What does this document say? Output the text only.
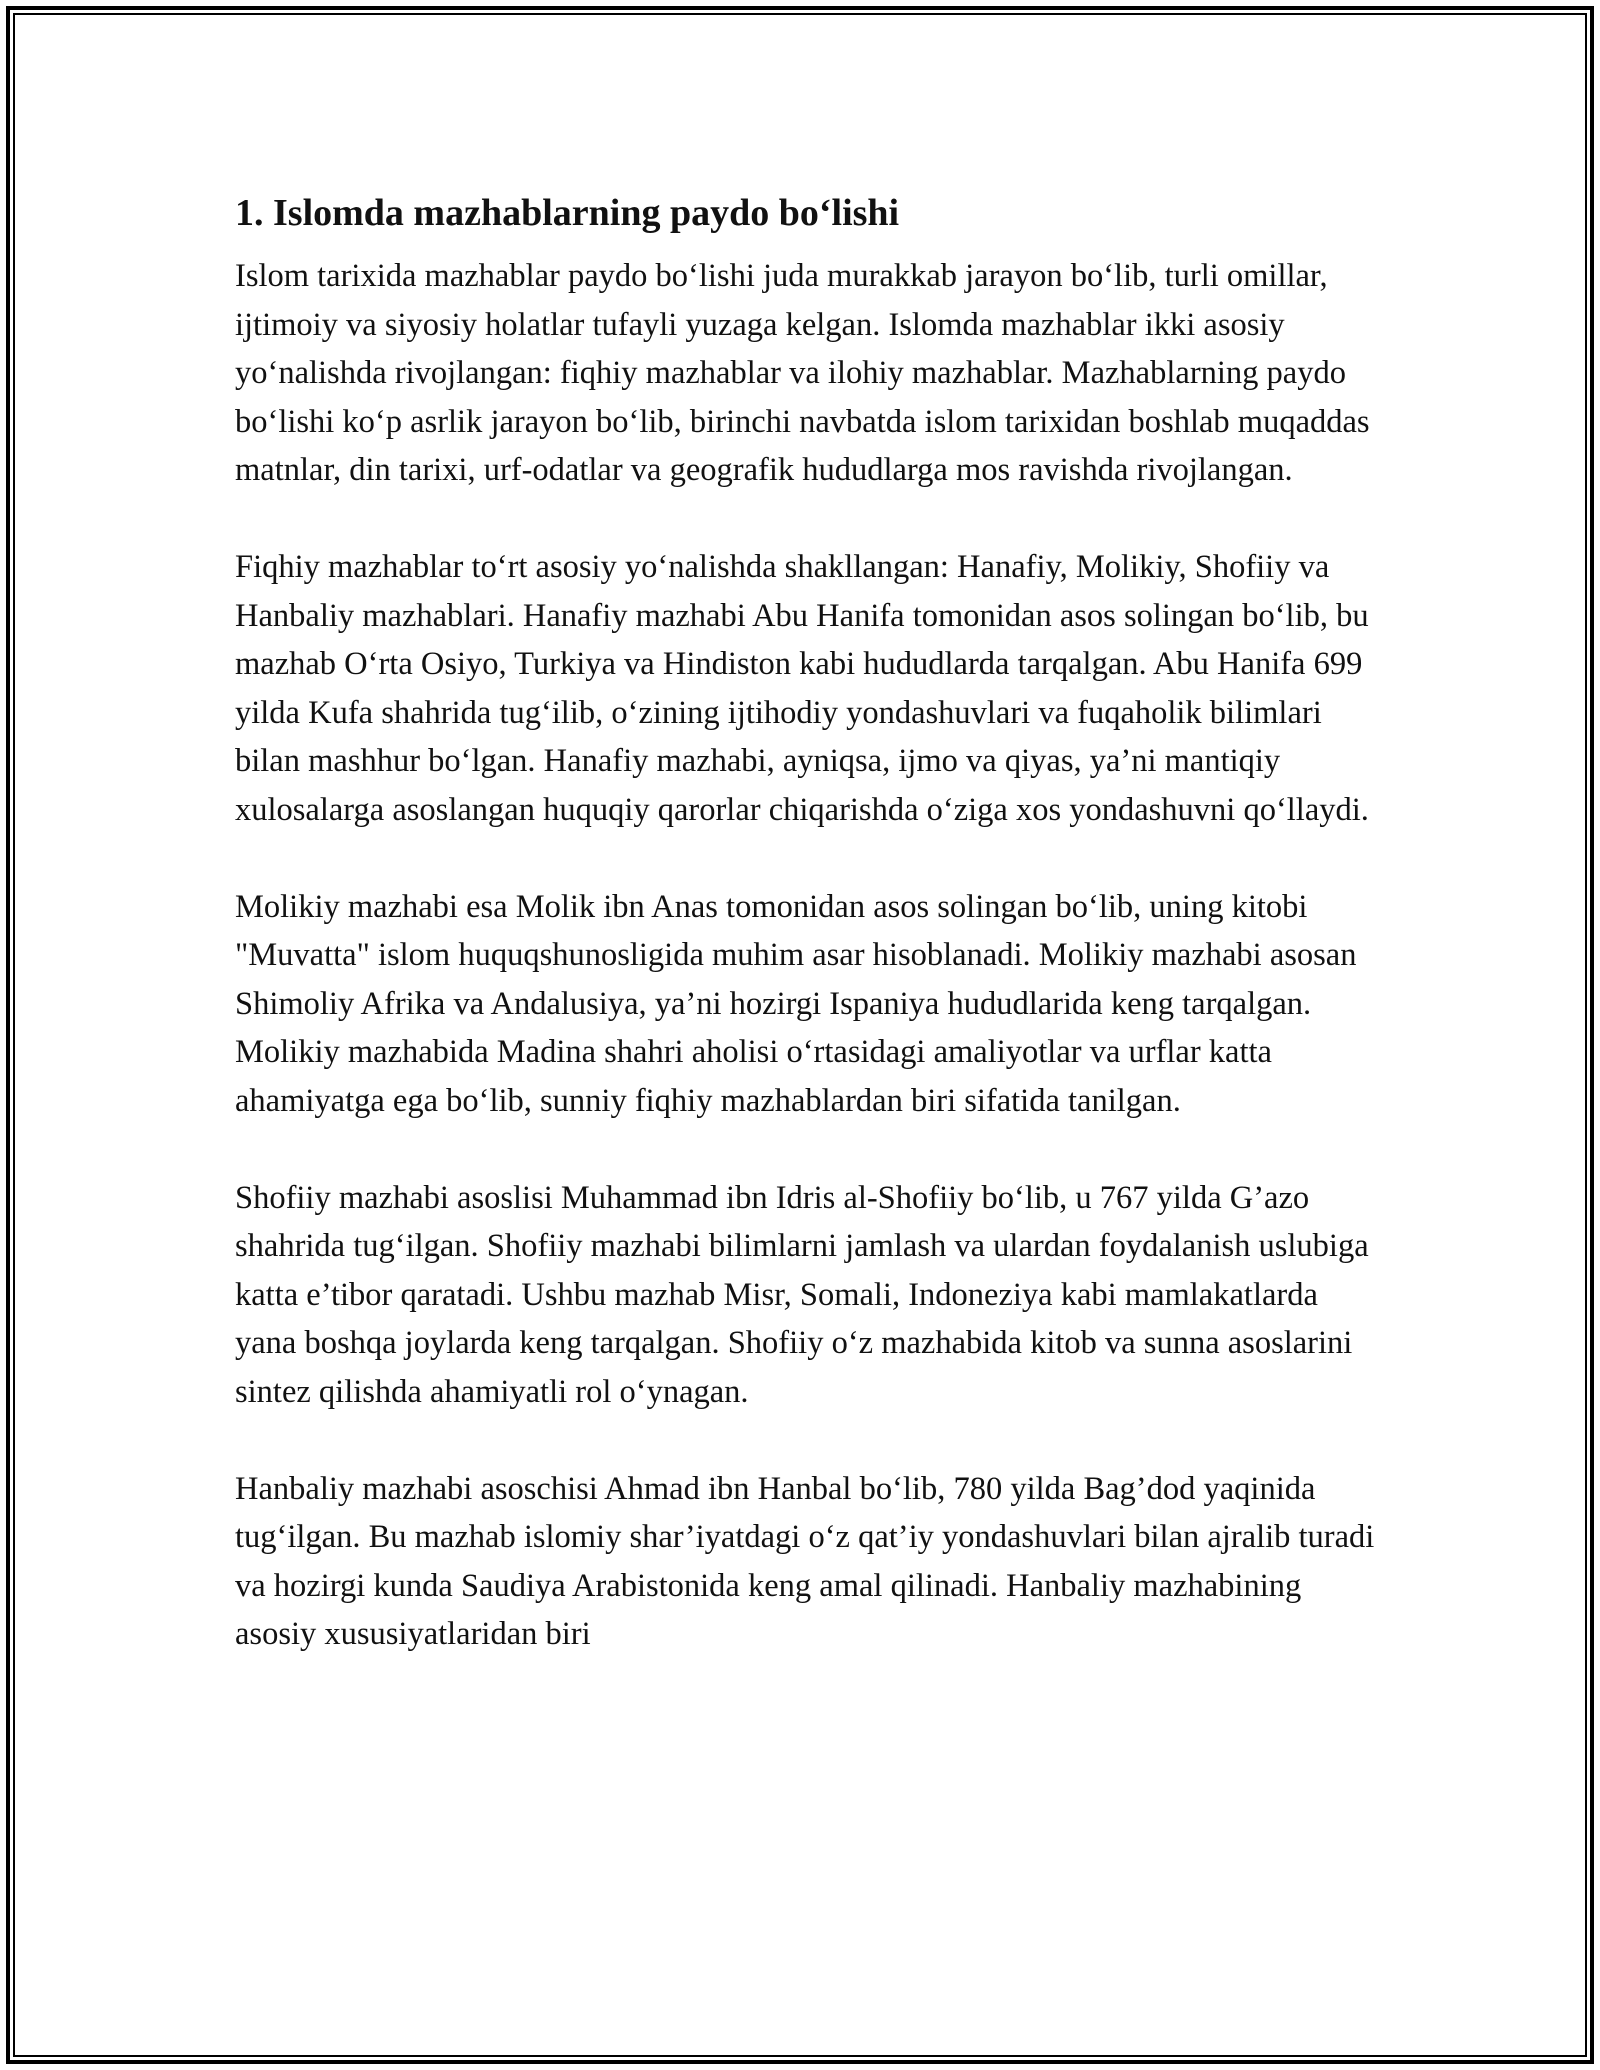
1. Islomda mazhablarning paydo bo‘lishi

Islom tarixida mazhablar paydo bo‘lishi juda murakkab jarayon bo‘lib, turli omillar, ijtimoiy va siyosiy holatlar tufayli yuzaga kelgan. Islomda mazhablar ikki asosiy yo‘nalishda rivojlangan: fiqhiy mazhablar va ilohiy mazhablar. Mazhablarning paydo bo‘lishi ko‘p asrlik jarayon bo‘lib, birinchi navbatda islom tarixidan boshlab muqaddas matnlar, din tarixi, urf-odatlar va geografik hududlarga mos ravishda rivojlangan.

Fiqhiy mazhablar to‘rt asosiy yo‘nalishda shakllangan: Hanafiy, Molikiy, Shofiiy va Hanbaliy mazhablari. Hanafiy mazhabi Abu Hanifa tomonidan asos solingan bo‘lib, bu mazhab O‘rta Osiyo, Turkiya va Hindiston kabi hududlarda tarqalgan. Abu Hanifa 699 yilda Kufa shahrida tug‘ilib, o‘zining ijtihodiy yondashuvlari va fuqaholik bilimlari bilan mashhur bo‘lgan. Hanafiy mazhabi, ayniqsa, ijmo va qiyas, ya’ni mantiqiy xulosalarga asoslangan huquqiy qarorlar chiqarishda o‘ziga xos yondashuvni qo‘llaydi.

Molikiy mazhabi esa Molik ibn Anas tomonidan asos solingan bo‘lib, uning kitobi "Muvatta" islom huquqshunosligida muhim asar hisoblanadi. Molikiy mazhabi asosan Shimoliy Afrika va Andalusiya, ya’ni hozirgi Ispaniya hududlarida keng tarqalgan. Molikiy mazhabida Madina shahri aholisi o‘rtasidagi amaliyotlar va urflar katta ahamiyatga ega bo‘lib, sunniy fiqhiy mazhablardan biri sifatida tanilgan.

Shofiiy mazhabi asoslisi Muhammad ibn Idris al-Shofiiy bo‘lib, u 767 yilda G’azo shahrida tug‘ilgan. Shofiiy mazhabi bilimlarni jamlash va ulardan foydalanish uslubiga katta e’tibor qaratadi. Ushbu mazhab Misr, Somali, Indoneziya kabi mamlakatlarda yana boshqa joylarda keng tarqalgan. Shofiiy o‘z mazhabida kitob va sunna asoslarini sintez qilishda ahamiyatli rol o‘ynagan.

Hanbaliy mazhabi asoschisi Ahmad ibn Hanbal bo‘lib, 780 yilda Bag’dod yaqinida tug‘ilgan. Bu mazhab islomiy shar’iyatdagi o‘z qat’iy yondashuvlari bilan ajralib turadi va hozirgi kunda Saudiya Arabistonida keng amal qilinadi. Hanbaliy mazhabining asosiy xususiyatlaridan biri
